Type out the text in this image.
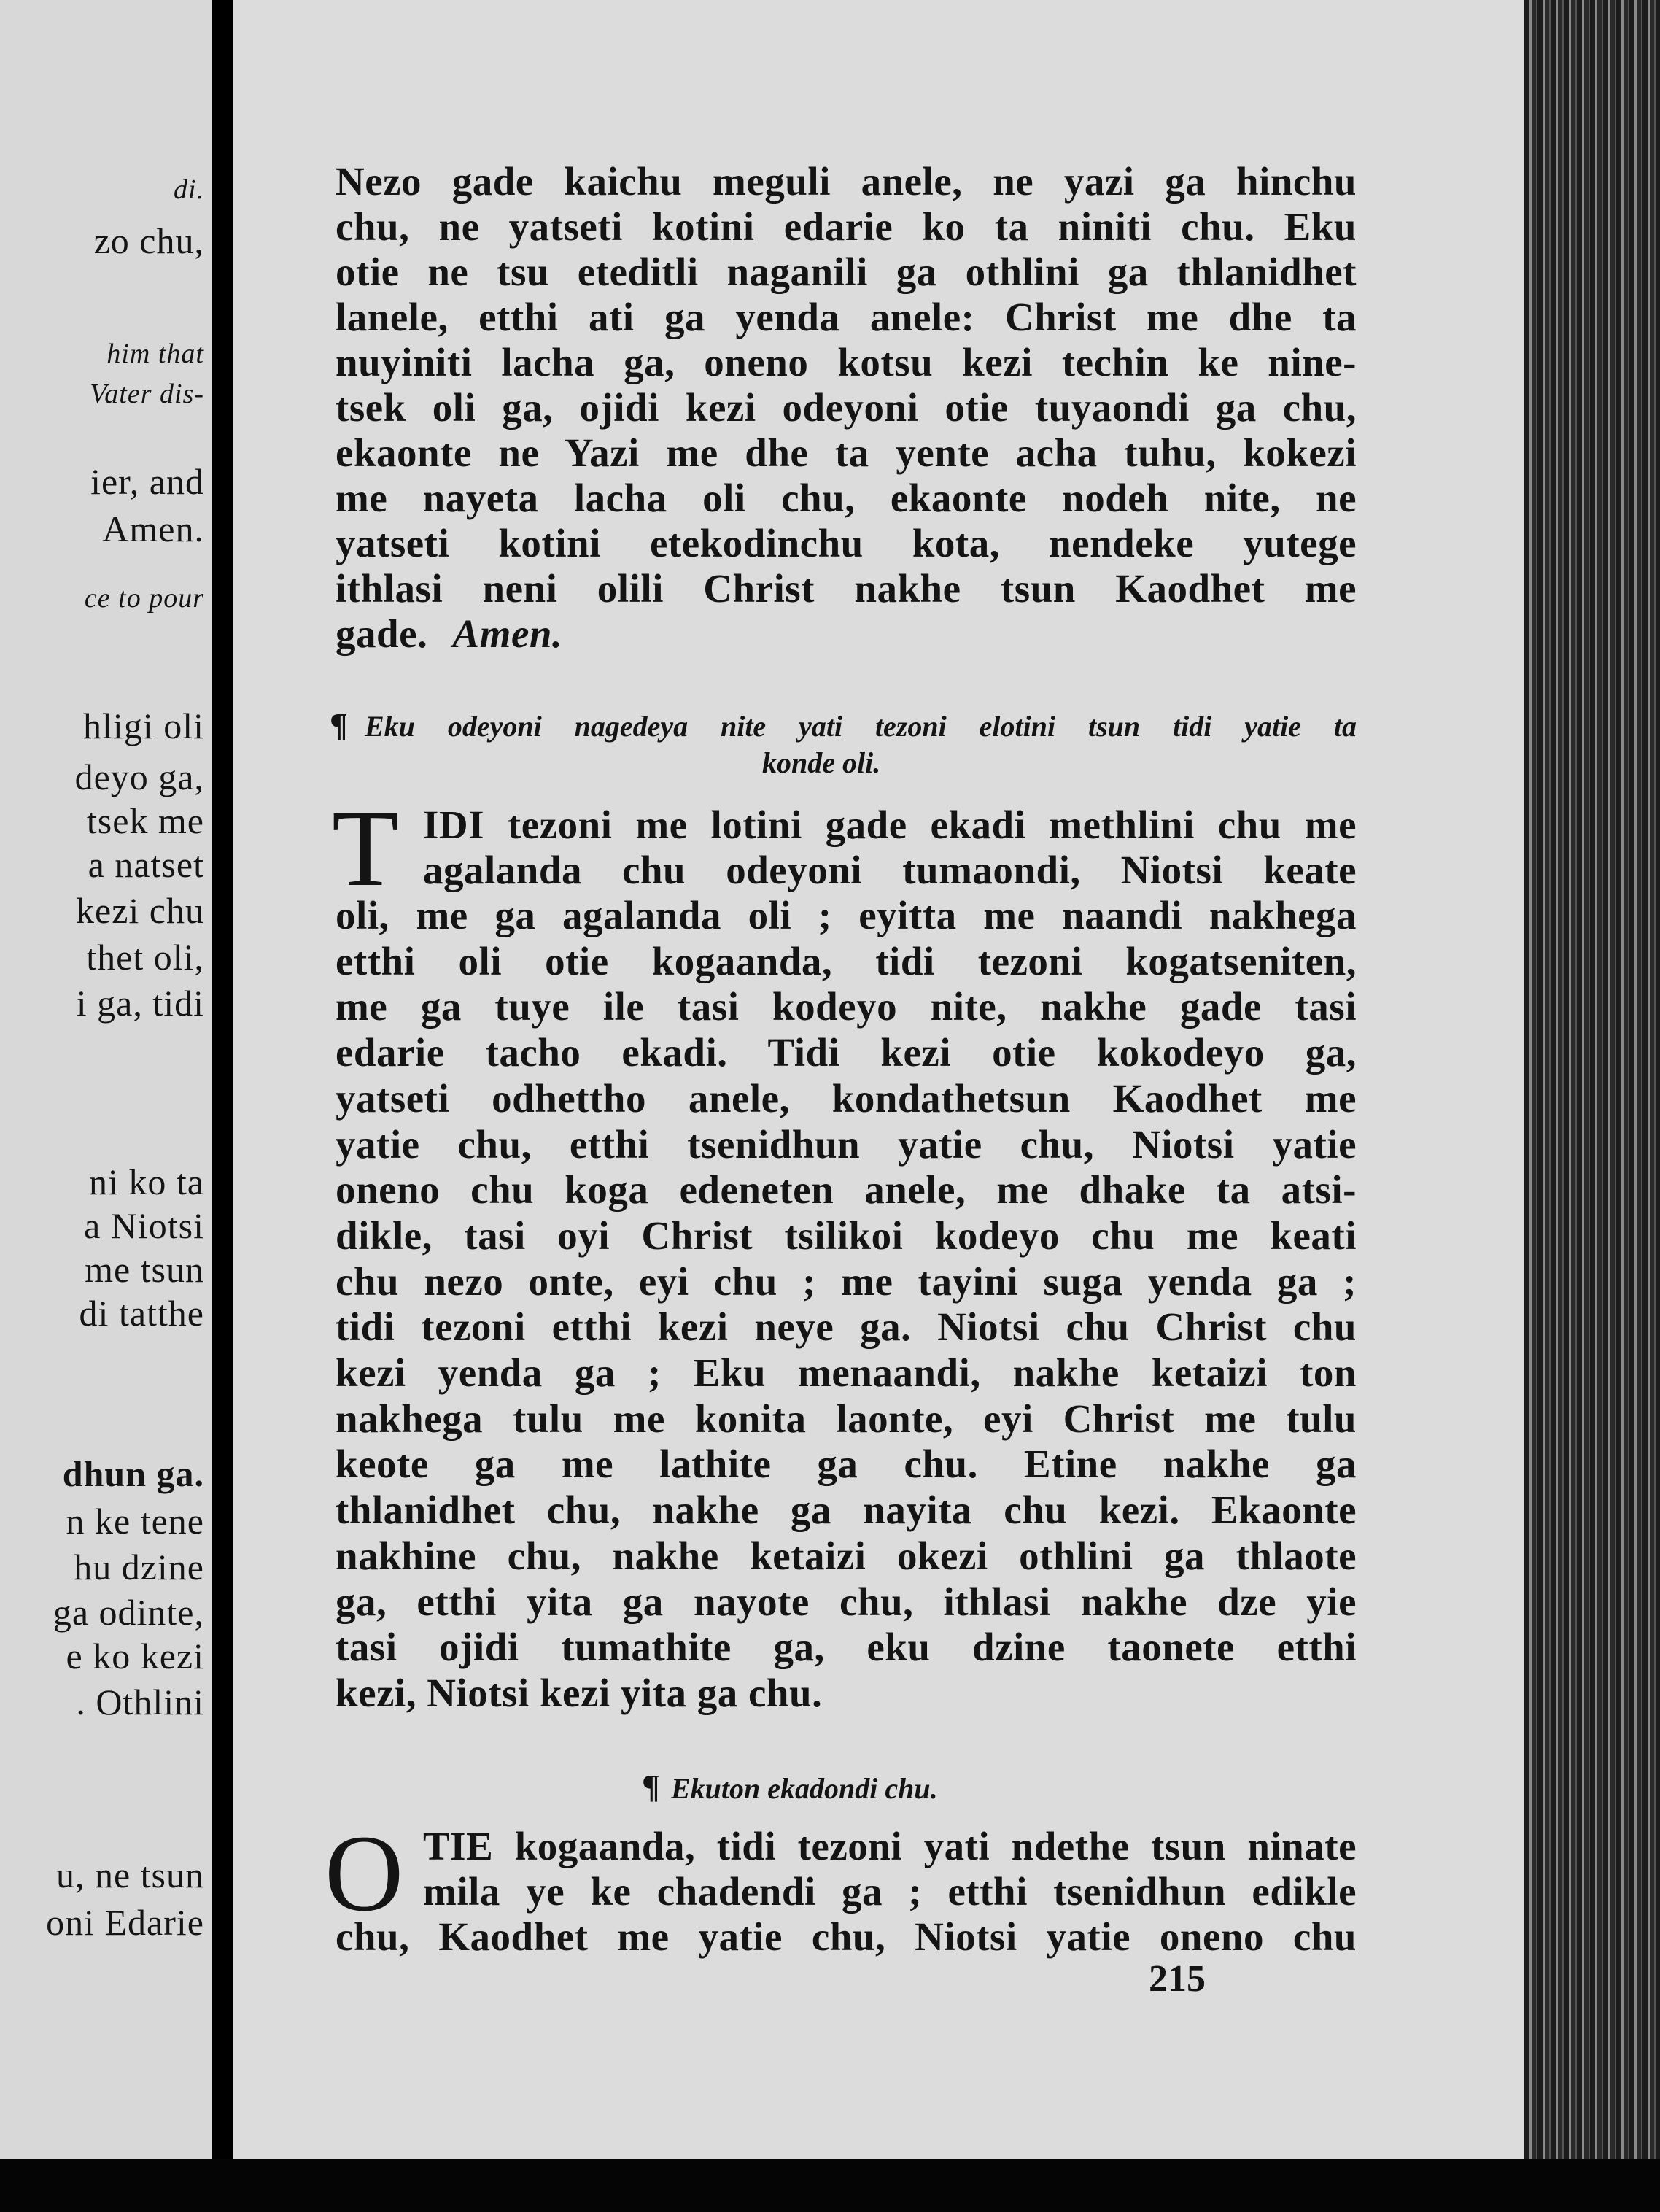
di.
zo chu,
him that
Vater dis-
ier, and
Amen.
ce to pour
hligi oli
deyo ga,
tsek me
a natset
kezi chu
thet oli,
i ga, tidi
ni ko ta
a Niotsi
me tsun
di tatthe
dhun ga.
n ke tene
hu dzine
ga odinte,
e ko kezi
. Othlini
u, ne tsun
oni Edarie
Nezo gade kaichu meguli anele, ne yazi ga hinchu
chu, ne yatseti kotini edarie ko ta niniti chu. Eku
otie ne tsu eteditli naganili ga othlini ga thlanidhet
lanele, etthi ati ga yenda anele: Christ me dhe ta
nuyiniti lacha ga, oneno kotsu kezi techin ke nine-
tsek oli ga, ojidi kezi odeyoni otie tuyaondi ga chu,
ekaonte ne Yazi me dhe ta yente acha tuhu, kokezi
me nayeta lacha oli chu, ekaonte nodeh nite, ne
yatseti kotini etekodinchu kota, nendeke yutege
ithlasi neni olili Christ nakhe tsun Kaodhet me
gade. Amen.
¶ Eku odeyoni nagedeya nite yati tezoni elotini tsun tidi yatie ta
konde oli.
T IDI tezoni me lotini gade ekadi methlini chu me
agalanda chu odeyoni tumaondi, Niotsi keate
oli, me ga agalanda oli ; eyitta me naandi nakhega
etthi oli otie kogaanda, tidi tezoni kogatseniten,
me ga tuye ile tasi kodeyo nite, nakhe gade tasi
edarie tacho ekadi. Tidi kezi otie kokodeyo ga,
yatseti odhettho anele, kondathetsun Kaodhet me
yatie chu, etthi tsenidhun yatie chu, Niotsi yatie
oneno chu koga edeneten anele, me dhake ta atsi-
dikle, tasi oyi Christ tsilikoi kodeyo chu me keati
chu nezo onte, eyi chu ; me tayini suga yenda ga ;
tidi tezoni etthi kezi neye ga. Niotsi chu Christ chu
kezi yenda ga ; Eku menaandi, nakhe ketaizi ton
nakhega tulu me konita laonte, eyi Christ me tulu
keote ga me lathite ga chu. Etine nakhe ga
thlanidhet chu, nakhe ga nayita chu kezi. Ekaonte
nakhine chu, nakhe ketaizi okezi othlini ga thlaote
ga, etthi yita ga nayote chu, ithlasi nakhe dze yie
tasi ojidi tumathite ga, eku dzine taonete etthi
kezi, Niotsi kezi yita ga chu.
¶ Ekuton ekadondi chu.
O TIE kogaanda, tidi tezoni yati ndethe tsun ninate
mila ye ke chadendi ga ; etthi tsenidhun edikle
chu, Kaodhet me yatie chu, Niotsi yatie oneno chu
215
